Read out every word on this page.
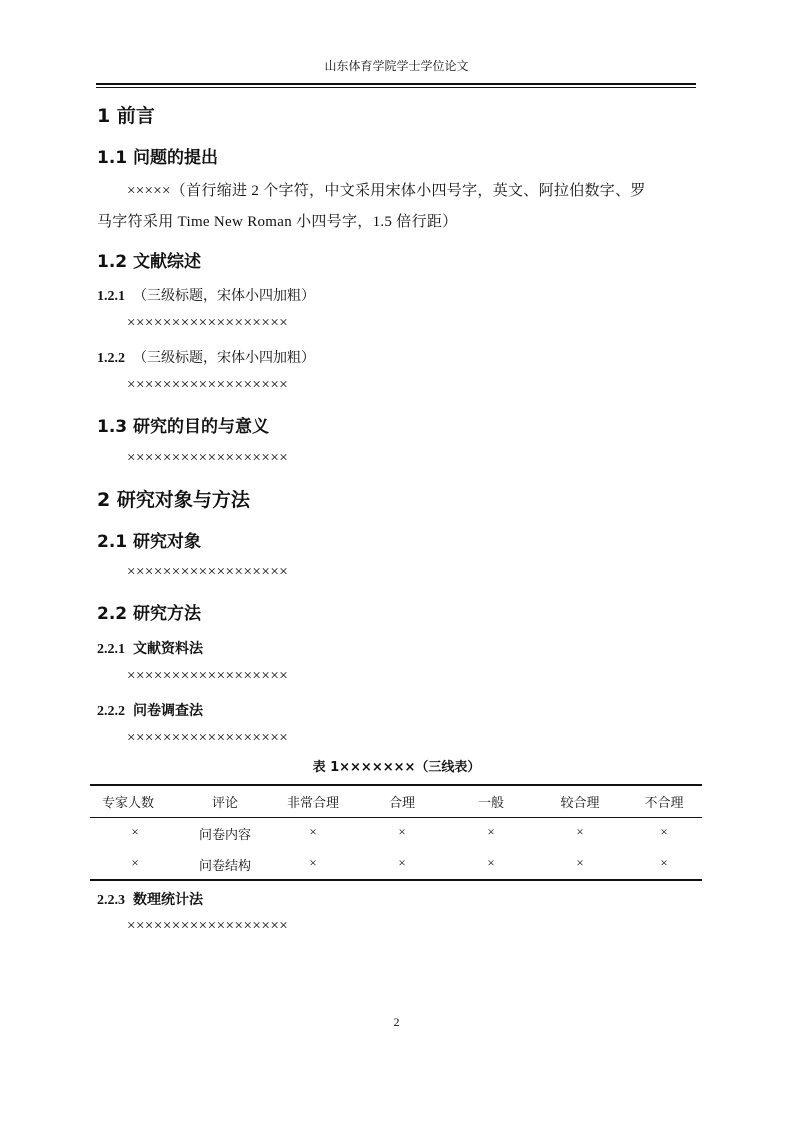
山东体育学院学士学位论文
1 前言
1.1 问题的提出
×××××（首行缩进 2 个字符，中文采用宋体小四号字，英文、阿拉伯数字、罗
马字符采用 Time New Roman 小四号字，1.5 倍行距）
1.2 文献综述
1.2.1 （三级标题，宋体小四加粗）
××××××××××××××××××
1.2.2 （三级标题，宋体小四加粗）
××××××××××××××××××
1.3 研究的目的与意义
××××××××××××××××××
2 研究对象与方法
2.1 研究对象
××××××××××××××××××
2.2 研究方法
2.2.1 文献资料法
××××××××××××××××××
2.2.2 问卷调查法
××××××××××××××××××
表 1×××××××（三线表）
专家人数	评论	非常合理	合理	一般	较合理	不合理
×	问卷内容	×	×	×	×	×
×	问卷结构	×	×	×	×	×
2.2.3 数理统计法
××××××××××××××××××
2
